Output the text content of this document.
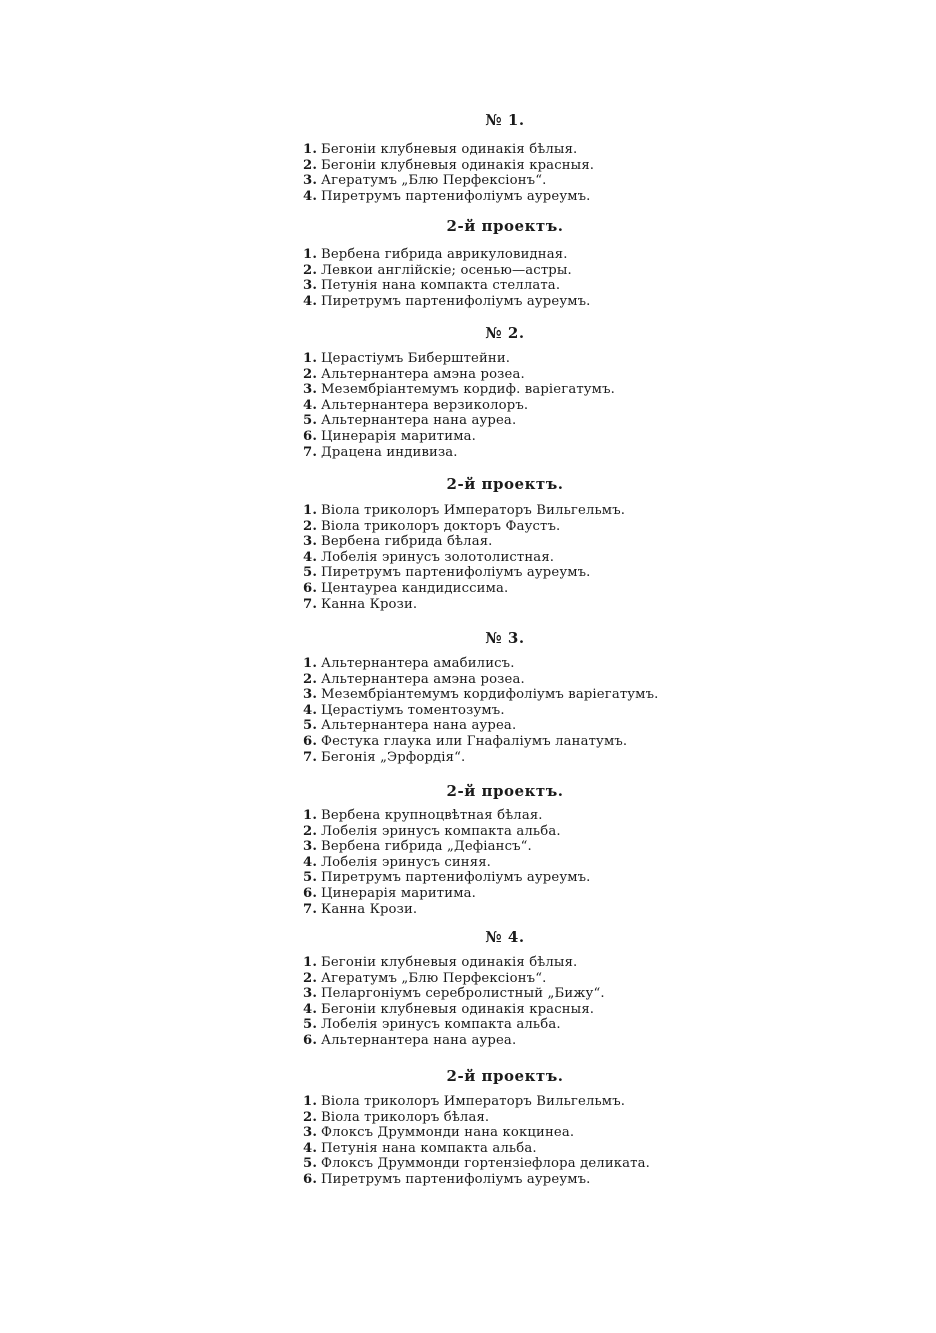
№ 1.
1. Бегоніи клубневыя одинакія бѣлыя.
2. Бегоніи клубневыя одинакія красныя.
3. Агератумъ „Блю Перфексіонъ“.
4. Пиретрумъ партенифоліумъ ауреумъ.
2-й проектъ.
1. Вербена гибрида аврикуловидная.
2. Левкои англійскіе; осенью—астры.
3. Петунія нана компакта стеллата.
4. Пиретрумъ партенифоліумъ ауреумъ.
№ 2.
1. Церастіумъ Биберштейни.
2. Альтернантера амэна розеа.
3. Мезембріантемумъ кордиф. варіегатумъ.
4. Альтернантера верзиколоръ.
5. Альтернантера нана ауреа.
6. Цинерарія маритима.
7. Драцена индивиза.
2-й проектъ.
1. Віола триколоръ Императоръ Вильгельмъ.
2. Віола триколоръ докторъ Фаустъ.
3. Вербена гибрида бѣлая.
4. Лобелія эринусъ золотолистная.
5. Пиретрумъ партенифоліумъ ауреумъ.
6. Центауреа кандидиссима.
7. Канна Крози.
№ 3.
1. Альтернантера амабилисъ.
2. Альтернантера амэна розеа.
3. Мезембріантемумъ кордифоліумъ варіегатумъ.
4. Церастіумъ томентозумъ.
5. Альтернантера нана ауреа.
6. Фестука глаука или Гнафаліумъ ланатумъ.
7. Бегонія „Эрфордія“.
2-й проектъ.
1. Вербена крупноцвѣтная бѣлая.
2. Лобелія эринусъ компакта альба.
3. Вербена гибрида „Дефіансъ“.
4. Лобелія эринусъ синяя.
5. Пиретрумъ партенифоліумъ ауреумъ.
6. Цинерарія маритима.
7. Канна Крози.
№ 4.
1. Бегоніи клубневыя одинакія бѣлыя.
2. Агератумъ „Блю Перфексіонъ“.
3. Пеларгоніумъ серебролистный „Бижу“.
4. Бегоніи клубневыя одинакія красныя.
5. Лобелія эринусъ компакта альба.
6. Альтернантера нана ауреа.
2-й проектъ.
1. Віола триколоръ Императоръ Вильгельмъ.
2. Віола триколоръ бѣлая.
3. Флоксъ Друммонди нана кокцинеа.
4. Петунія нана компакта альба.
5. Флоксъ Друммонди гортензіефлора деликата.
6. Пиретрумъ партенифоліумъ ауреумъ.
